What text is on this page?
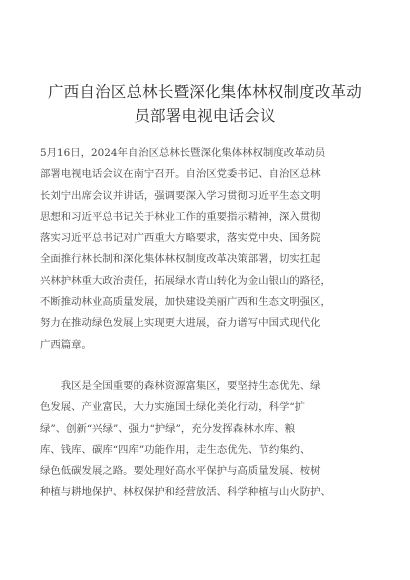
广西自治区总林长暨深化集体林权制度改革动
员部署电视电话会议
5月16日，2024年自治区总林长暨深化集体林权制度改革动员
部署电视电话会议在南宁召开。自治区党委书记、自治区总林
长刘宁出席会议并讲话，强调要深入学习贯彻习近平生态文明
思想和习近平总书记关于林业工作的重要指示精神，深入贯彻
落实习近平总书记对广西重大方略要求，落实党中央、国务院
全面推行林长制和深化集体林权制度改革决策部署，切实扛起
兴林护林重大政治责任，拓展绿水青山转化为金山银山的路径，
不断推动林业高质量发展，加快建设美丽广西和生态文明强区，
努力在推动绿色发展上实现更大进展，奋力谱写中国式现代化
广西篇章。
　　我区是全国重要的森林资源富集区，要坚持生态优先、绿
色发展、产业富民，大力实施国土绿化美化行动，科学“扩
绿”、创新“兴绿”、强力“护绿”，充分发挥森林水库、粮
库、钱库、碳库“四库”功能作用，走生态优先、节约集约、
绿色低碳发展之路。要处理好高水平保护与高质量发展、桉树
种植与耕地保护、林权保护和经营放活、科学种植与山火防护、
